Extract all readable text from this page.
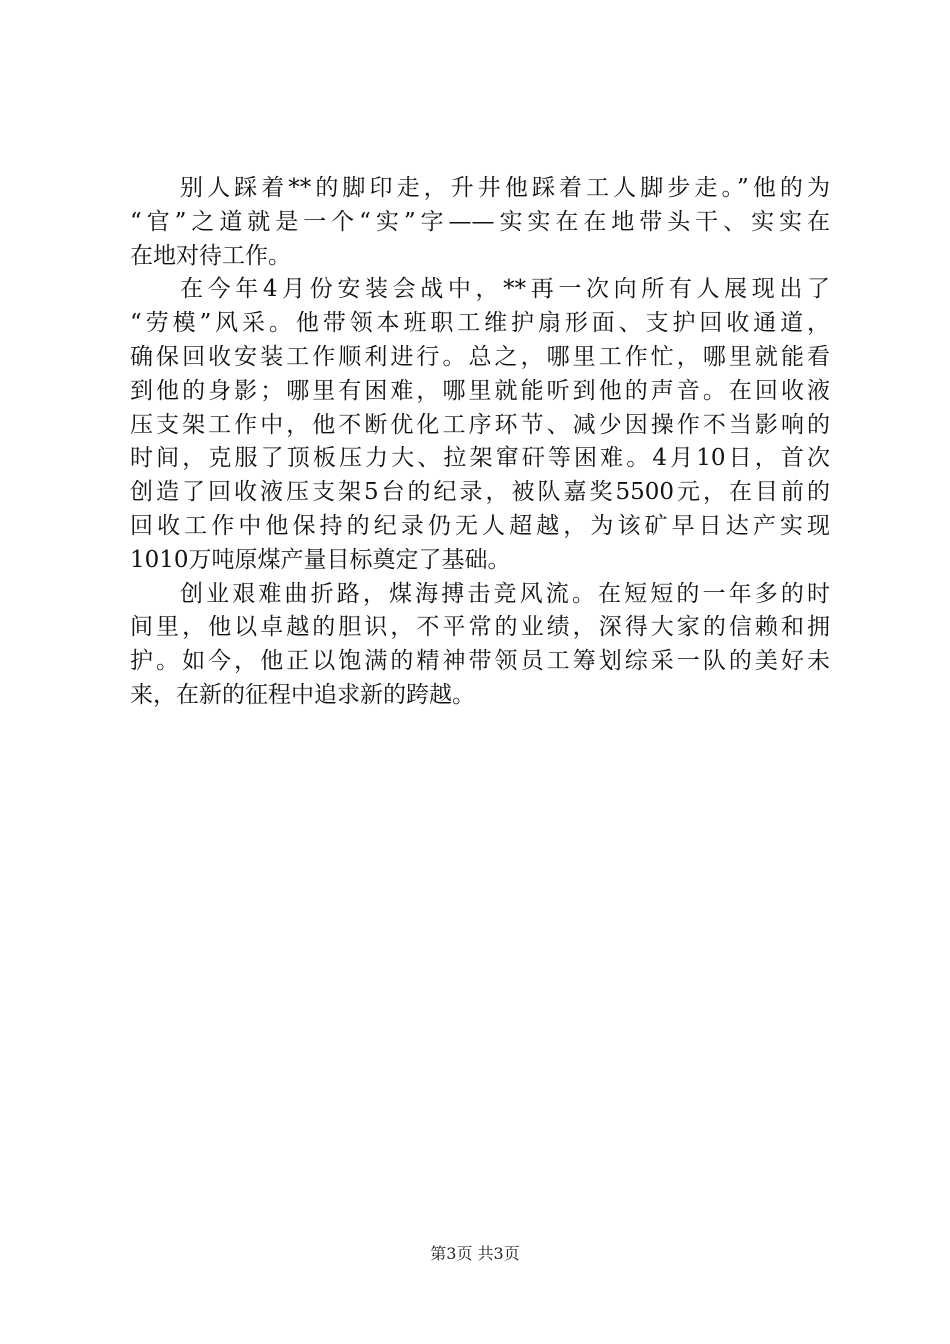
别人踩着**的脚印走，升井他踩着工人脚步走。”他的为
“官”之道就是一个“实”字——实实在在地带头干、实实在
在地对待工作。
在今年4月份安装会战中，**再一次向所有人展现出了
“劳模”风采。他带领本班职工维护扇形面、支护回收通道，
确保回收安装工作顺利进行。总之，哪里工作忙，哪里就能看
到他的身影；哪里有困难，哪里就能听到他的声音。在回收液
压支架工作中，他不断优化工序环节、减少因操作不当影响的
时间，克服了顶板压力大、拉架窜矸等困难。4月10日，首次
创造了回收液压支架5台的纪录，被队嘉奖5500元，在目前的
回收工作中他保持的纪录仍无人超越，为该矿早日达产实现
1010万吨原煤产量目标奠定了基础。
创业艰难曲折路，煤海搏击竞风流。在短短的一年多的时
间里，他以卓越的胆识，不平常的业绩，深得大家的信赖和拥
护。如今，他正以饱满的精神带领员工筹划综采一队的美好未
来，在新的征程中追求新的跨越。
第3页 共3页
